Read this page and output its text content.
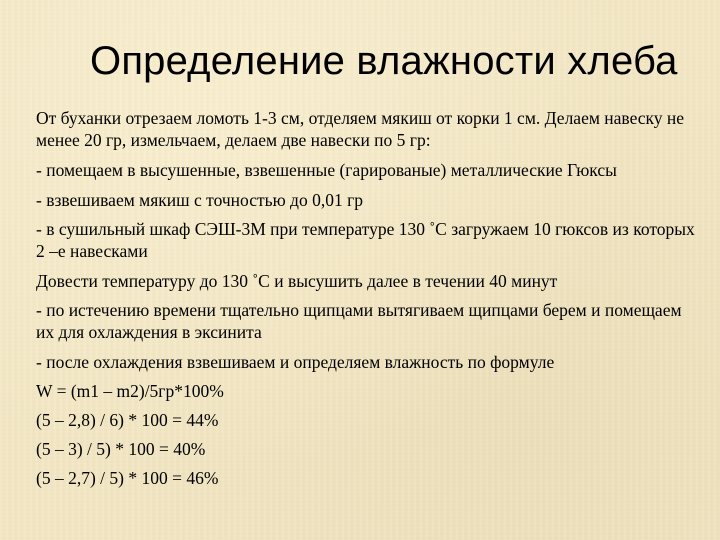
Определение влажности хлеба

От буханки отрезаем ломоть 1-3 см, отделяем мякиш от корки 1 см. Делаем навеску не менее 20 гр, измельчаем, делаем две навески по 5 гр:

- помещаем в высушенные, взвешенные (гарированые) металлические Гюксы

- взвешиваем мякиш с точностью до 0,01 гр

- в сушильный шкаф СЭШ-3М при температуре 130 ˚С загружаем 10 гюксов из которых 2 –е навесками

Довести температуру до 130 ˚С и высушить далее в течении 40 минут

- по истечению времени тщательно щипцами вытягиваем щипцами берем и помещаем их для охлаждения в эксинита

- после охлаждения взвешиваем и определяем влажность по формуле

W = (m1 – m2)/5гр*100%

(5 – 2,8) / 6) * 100 = 44%

(5 – 3) / 5) * 100 = 40%

(5 – 2,7) / 5) * 100 = 46%
